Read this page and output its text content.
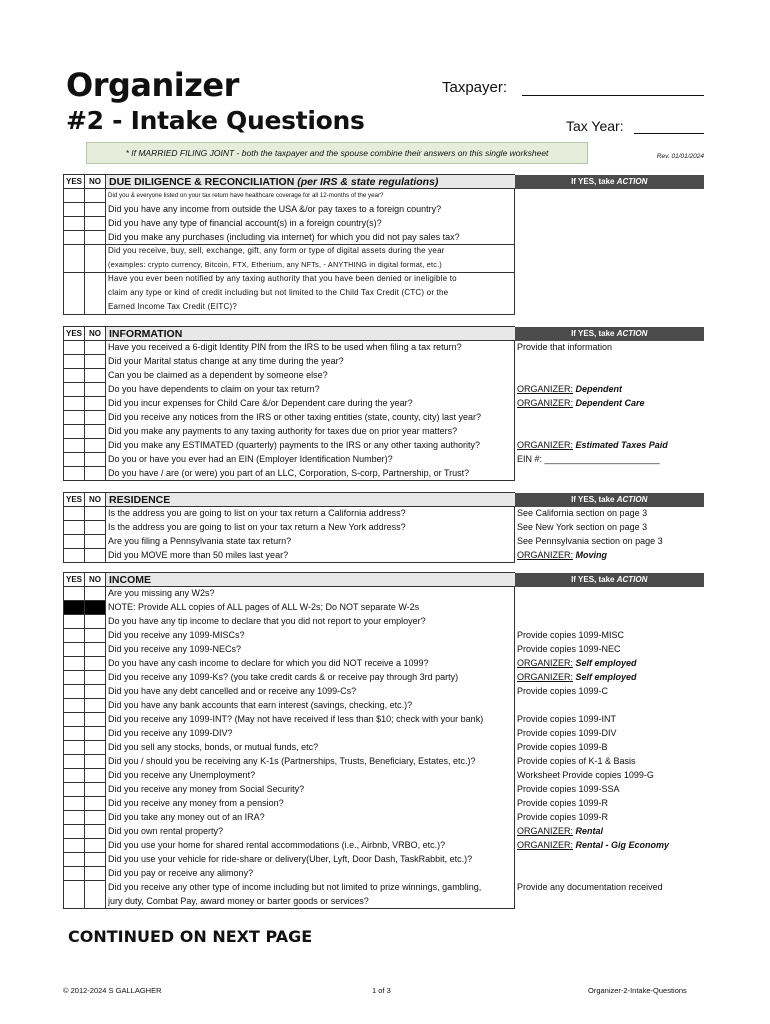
Organizer
#2 - Intake Questions
Taxpayer:
Tax Year:
* If MARRIED FILING JOINT - both the taxpayer and the spouse combine their answers on this single worksheet	Rev. 01/01/2024
YES	NO	DUE DILIGENCE & RECONCILIATION (per IRS & state regulations)	If YES, take ACTION
		Did you & everyone listed on your tax return have healthcare coverage for all 12-months of the year?	
		Did you have any income from outside the USA &/or pay taxes to a foreign country?	
		Did you have any type of financial account(s) in a foreign country(s)?	
		Did you make any purchases (including via internet) for which you did not pay sales tax?	
		Did you receive, buy, sell, exchange, gift, any form or type of digital assets during the year	
		(examples: crypto currency, Bitcoin, FTX, Etherium, any NFTs, - ANYTHING in digital format, etc.)	
		Have you ever been notified by any taxing authority that you have been denied or ineligible to	
		claim any type or kind of credit including but not limited to the Child Tax Credit (CTC) or the	
		Earned Income Tax Credit (EITC)?	
YES	NO	INFORMATION	If YES, take ACTION
		Have you received a 6-digit Identity PIN from the IRS to be used when filing a tax return?	Provide that information
		Did your Marital status change at any time during the year?	
		Can you be claimed as a dependent by someone else?	
		Do you have dependents to claim on your tax return?	ORGANIZER: Dependent
		Did you incur expenses for Child Care &/or Dependent care during the year?	ORGANIZER: Dependent Care
		Did you receive any notices from the IRS or other taxing entities (state, county, city) last year?	
		Did you make any payments to any taxing authority for taxes due on prior year matters?	
		Did you make any ESTIMATED (quarterly) payments to the IRS or any other taxing authority?	ORGANIZER: Estimated Taxes Paid
		Do you or have you ever had an EIN (Employer Identification Number)?	EIN #: _______________________
		Do you have / are (or were) you part of an LLC, Corporation, S-corp, Partnership, or Trust?	
YES	NO	RESIDENCE	If YES, take ACTION
		Is the address you are going to list on your tax return a California address?	See California section on page 3
		Is the address you are going to list on your tax return a New York address?	See New York section on page 3
		Are you filing a Pennsylvania state tax return?	See Pennsylvania section on page 3
		Did you MOVE more than 50 miles last year?	ORGANIZER: Moving
YES	NO	INCOME	If YES, take ACTION
		Are you missing any W2s?	
		NOTE: Provide ALL copies of ALL pages of ALL W-2s; Do NOT separate W-2s	
		Do you have any tip income to declare that you did not report to your employer?	
		Did you receive any 1099-MISCs?	Provide copies 1099-MISC
		Did you receive any 1099-NECs?	Provide copies 1099-NEC
		Do you have any cash income to declare for which you did NOT receive a 1099?	ORGANIZER: Self employed
		Did you receive any 1099-Ks? (you take credit cards & or receive pay through 3rd party)	ORGANIZER: Self employed
		Did you have any debt cancelled and or receive any 1099-Cs?	Provide copies 1099-C
		Did you have any bank accounts that earn interest (savings, checking, etc.)?	
		Did you receive any 1099-INT? (May not have received if less than $10; check with your bank)	Provide copies 1099-INT
		Did you receive any 1099-DIV?	Provide copies 1099-DIV
		Did you sell any stocks, bonds, or mutual funds, etc?	Provide copies 1099-B
		Did you / should you be receiving any K-1s (Partnerships, Trusts, Beneficiary, Estates, etc.)?	Provide copies of K-1 & Basis
		Did you receive any Unemployment?	Worksheet Provide copies 1099-G
		Did you receive any money from Social Security?	Provide copies 1099-SSA
		Did you receive any money from a pension?	Provide copies 1099-R
		Did you take any money out of an IRA?	Provide copies 1099-R
		Did you own rental property?	ORGANIZER: Rental
		Did you use your home for shared rental accommodations (i.e., Airbnb, VRBO, etc.)?	ORGANIZER: Rental - Gig Economy
		Did you use your vehicle for ride-share or delivery(Uber, Lyft, Door Dash, TaskRabbit, etc.)?	
		Did you pay or receive any alimony?	
		Did you receive any other type of income including but not limited to prize winnings, gambling,	Provide any documentation received
		jury duty, Combat Pay, award money or barter goods or services?	
CONTINUED ON NEXT PAGE
© 2012-2024 S GALLAGHER	1 of 3	Organizer-2-Intake-Questions
